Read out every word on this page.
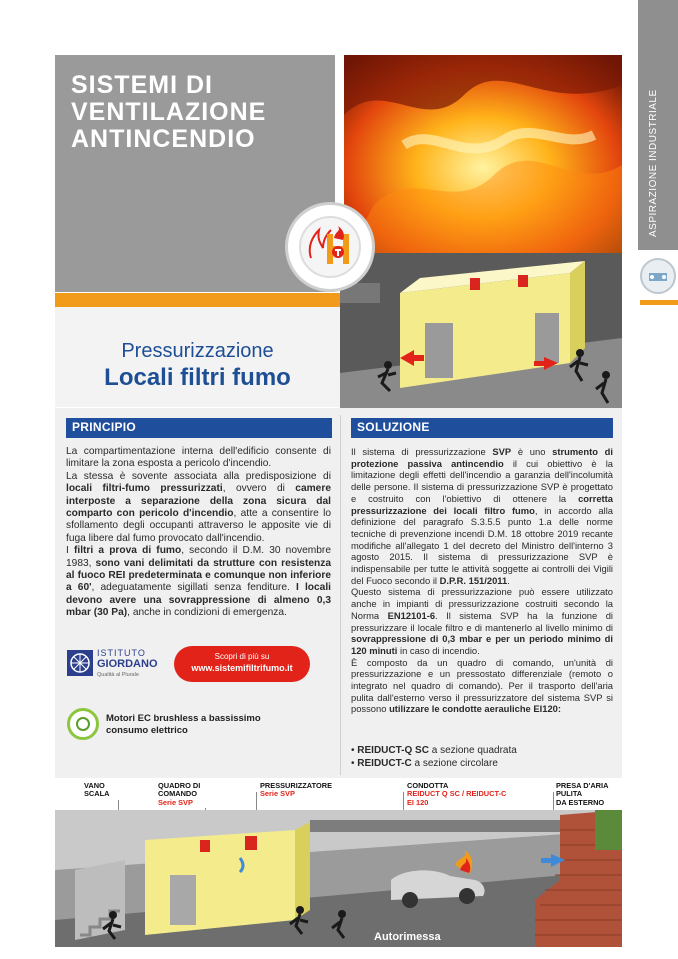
ASPIRAZIONE INDUSTRIALE
SISTEMI DI
VENTILAZIONE
ANTINCENDIO
Pressurizzazione
Locali filtri fumo
PRINCIPIO	SOLUZIONE

La compartimentazione interna dell'edificio consente di limitare la zona esposta a pericolo d'incendio.

La stessa è sovente associata alla predisposizione di locali filtri-fumo pressurizzati, ovvero di camere interposte a separazione della zona sicura dal comparto con pericolo d'incendio, atte a consentire lo sfollamento degli occupanti attraverso le apposite vie di fuga libere dal fumo provocato dall'incendio.

I filtri a prova di fumo, secondo il D.M. 30 novembre 1983, sono vani delimitati da strutture con resistenza al fuoco REI predeterminata e comunque non inferiore a 60', adeguatamente sigillati senza fenditure. I locali devono avere una sovrappressione di almeno 0,3 mbar (30 Pa), anche in condizioni di emergenza.

Il sistema di pressurizzazione SVP è uno strumento di protezione passiva antincendio il cui obiettivo è la limitazione degli effetti dell'incendio a garanzia dell'incolumità delle persone. Il sistema di pressurizzazione SVP è progettato e costruito con l'obiettivo di ottenere la corretta pressurizzazione dei locali filtro fumo, in accordo alla definizione del paragrafo S.3.5.5 punto 1.a delle norme tecniche di prevenzione incendi D.M. 18 ottobre 2019 recante modifiche all'allegato 1 del decreto del Ministro dell'interno 3 agosto 2015. Il sistema di pressurizzazione SVP è indispensabile per tutte le attività soggette ai controlli dei Vigili del Fuoco secondo il D.P.R. 151/2011.

Questo sistema di pressurizzazione può essere utilizzato anche in impianti di pressurizzazione costruiti secondo la Norma EN12101-6. Il sistema SVP ha la funzione di pressurizzare il locale filtro e di mantenerlo al livello minimo di sovrappressione di 0,3 mbar e per un periodo minimo di 120 minuti in caso di incendio.

È composto da un quadro di comando, un'unità di pressurizzazione e un pressostato differenziale (remoto o integrato nel quadro di comando). Per il trasporto dell'aria pulita dall'esterno verso il pressurizzatore del sistema SVP si possono utilizzare le condotte aerauliche EI120:

• REIDUCT-Q SC a sezione quadrata
• REIDUCT-C a sezione circolare
ISTITUTO
GIORDANO
Qualità al Plurale
Scopri di più su
www.sistemifiltrifumo.it
Motori EC brushless a bassissimo
consumo elettrico
VANO
SCALA
QUADRO DI
COMANDO
Serie SVP
PRESSURIZZATORE
Serie SVP
CONDOTTA
REIDUCT Q SC / REIDUCT-C
EI 120
PRESA D'ARIA
PULITA
DA ESTERNO
Autorimessa
